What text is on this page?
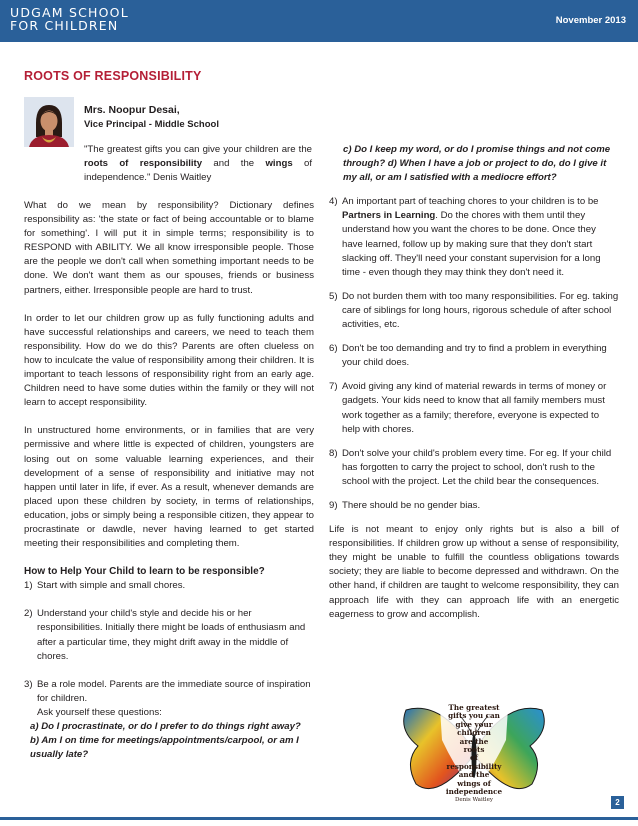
UDGAM SCHOOL
FOR CHILDREN	November 2013
ROOTS OF RESPONSIBILITY
Mrs. Noopur Desai,
Vice Principal - Middle School
"The greatest gifts you can give your children are the roots of responsibility and the wings of independence." Denis Waitley

What do we mean by responsibility? Dictionary defines responsibility as: 'the state or fact of being accountable or to blame for something'. I will put it in simple terms; responsibility is to RESPOND with ABILITY. We all know irresponsible people. Those are the people we don't call when something important needs to be done. We don't want them as our spouses, friends or business partners, either. Irresponsible people are hard to trust.

In order to let our children grow up as fully functioning adults and have successful relationships and careers, we need to teach them responsibility. How do we do this? Parents are often clueless on how to inculcate the value of responsibility among their children. It is important to teach lessons of responsibility right from an early age. Children need to have some duties within the family or they will not learn to accept responsibility.

In unstructured home environments, or in families that are very permissive and where little is expected of children, youngsters are losing out on some valuable learning experiences, and their development of a sense of responsibility and initiative may not happen until later in life, if ever. As a result, whenever demands are placed upon these children by society, in terms of relationships, education, jobs or simply being a responsible citizen, they appear to procrastinate or dawdle, never having learned to get started meeting their responsibilities and completing them.

How to Help Your Child to learn to be responsible?

1) Start with simple and small chores.
2) Understand your child's style and decide his or her responsibilities. Initially there might be loads of enthusiasm and after a particular time, they might drift away in the middle of chores.
3) Be a role model. Parents are the immediate source of inspiration for children.
Ask yourself these questions:

a) Do I procrastinate, or do I prefer to do things right away?

b) Am I on time for meetings/appointments/carpool, or am I usually late?

c) Do I keep my word, or do I promise things and not come through? d) When I have a job or project to do, do I give it my all, or am I satisfied with a mediocre effort?

4) An important part of teaching chores to your children is to be Partners in Learning. Do the chores with them until they understand how you want the chores to be done. Once they have learned, follow up by making sure that they don't start slacking off. They'll need your constant supervision for a long time - even though they may think they don't need it.
5) Do not burden them with too many responsibilities. For eg. taking care of siblings for long hours, rigorous schedule of after school activities, etc.
6) Don't be too demanding and try to find a problem in everything your child does.
7) Avoid giving any kind of material rewards in terms of money or gadgets. Your kids need to know that all family members must work together as a family; therefore, everyone is expected to help with chores.
8) Don't solve your child's problem every time. For eg. If your child has forgotten to carry the project to school, don't rush to the school with the project. Let the child bear the consequences.
9) There should be no gender bias.

Life is not meant to enjoy only rights but is also a bill of responsibilities. If children grow up without a sense of responsibility, they might be unable to fulfill the countless obligations towards society; they are liable to become depressed and withdrawn. On the other hand, if children are taught to welcome responsibility, they can approach life with they can approach life with an energetic eagerness to grow and accomplish.

The greatest
gifts you can
give your
children
are the
roots
of
responsibility
and the
wings of
independence
Denis Waitley	2
